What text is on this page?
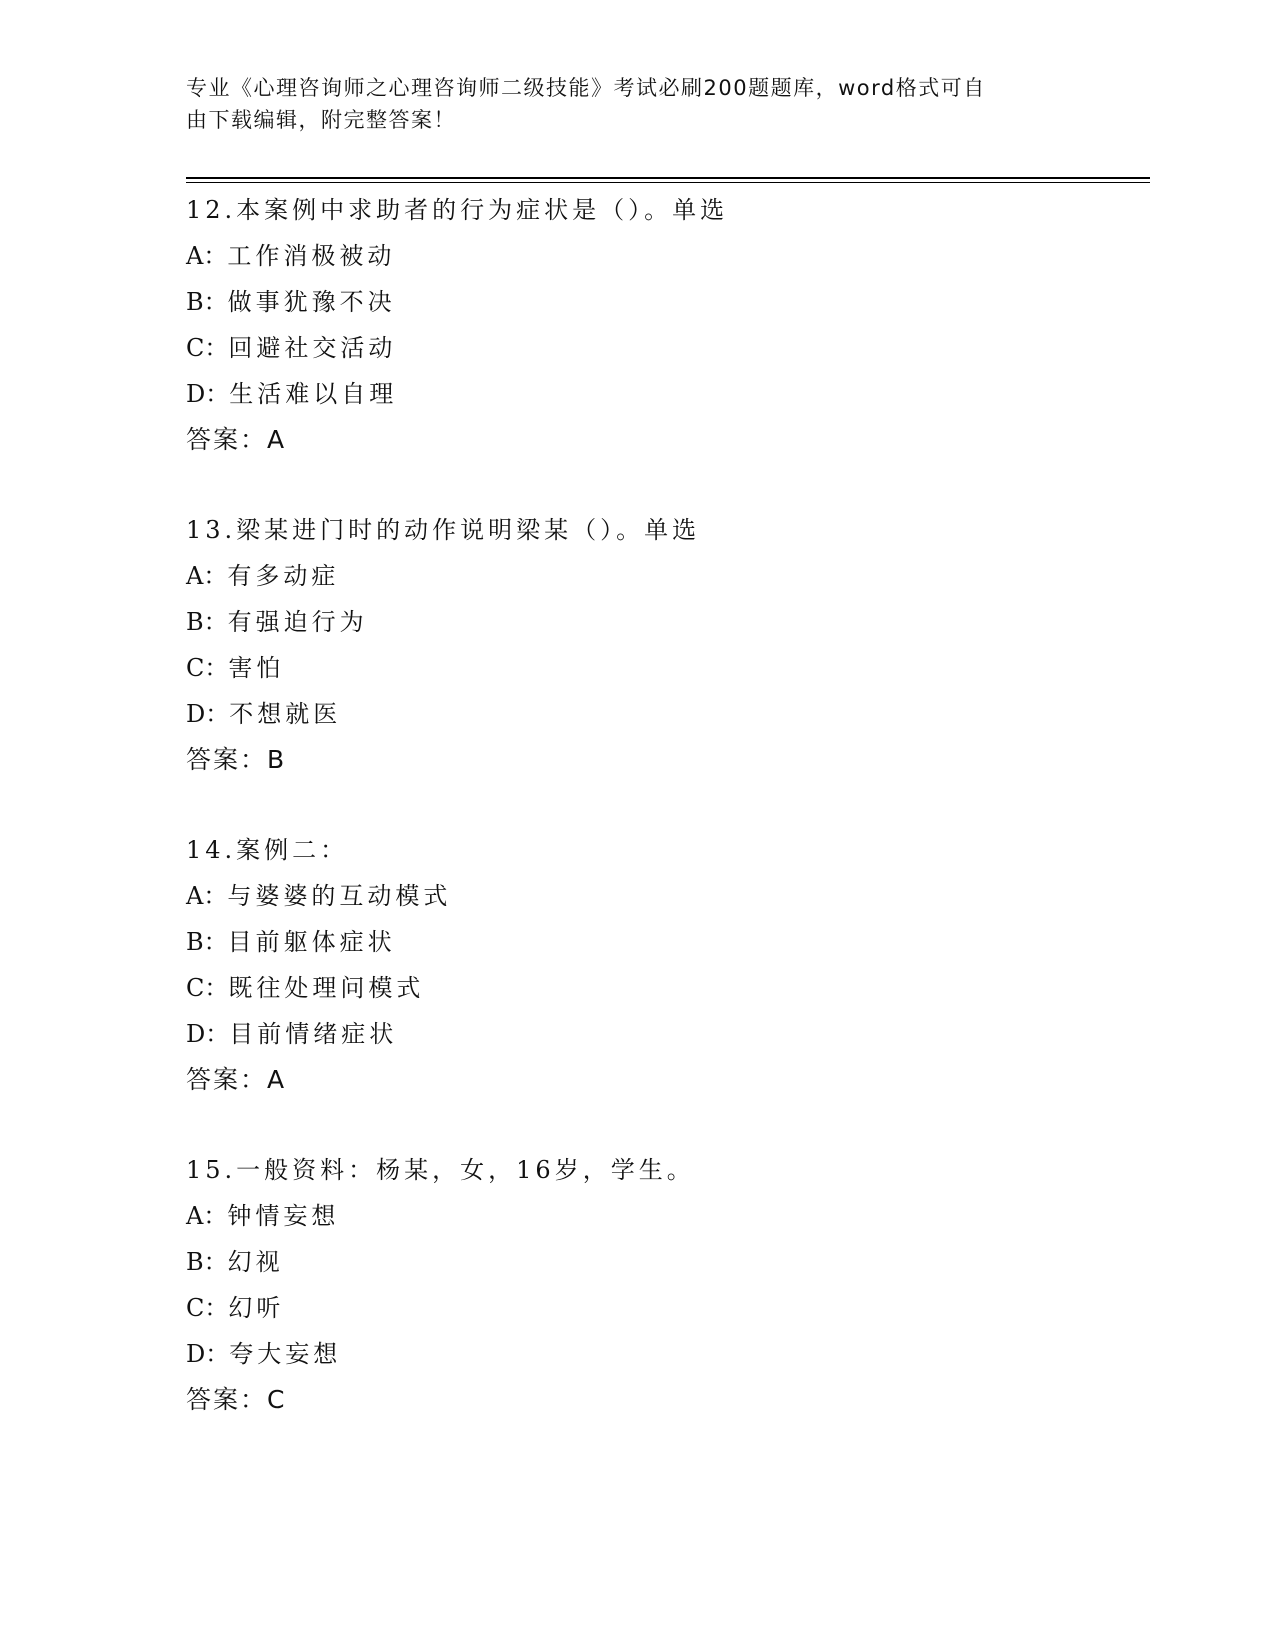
专业《心理咨询师之心理咨询师二级技能》考试必刷200题题库，word格式可自
由下载编辑，附完整答案！
12.本案例中求助者的行为症状是（）。单选
A：工作消极被动
B：做事犹豫不决
C：回避社交活动
D：生活难以自理
答案：A
13.梁某进门时的动作说明梁某（）。单选
A：有多动症
B：有强迫行为
C：害怕
D：不想就医
答案：B
14.案例二：
A：与婆婆的互动模式
B：目前躯体症状
C：既往处理问模式
D：目前情绪症状
答案：A
15.一般资料：杨某，女，16岁，学生。
A：钟情妄想
B：幻视
C：幻听
D：夸大妄想
答案：C
